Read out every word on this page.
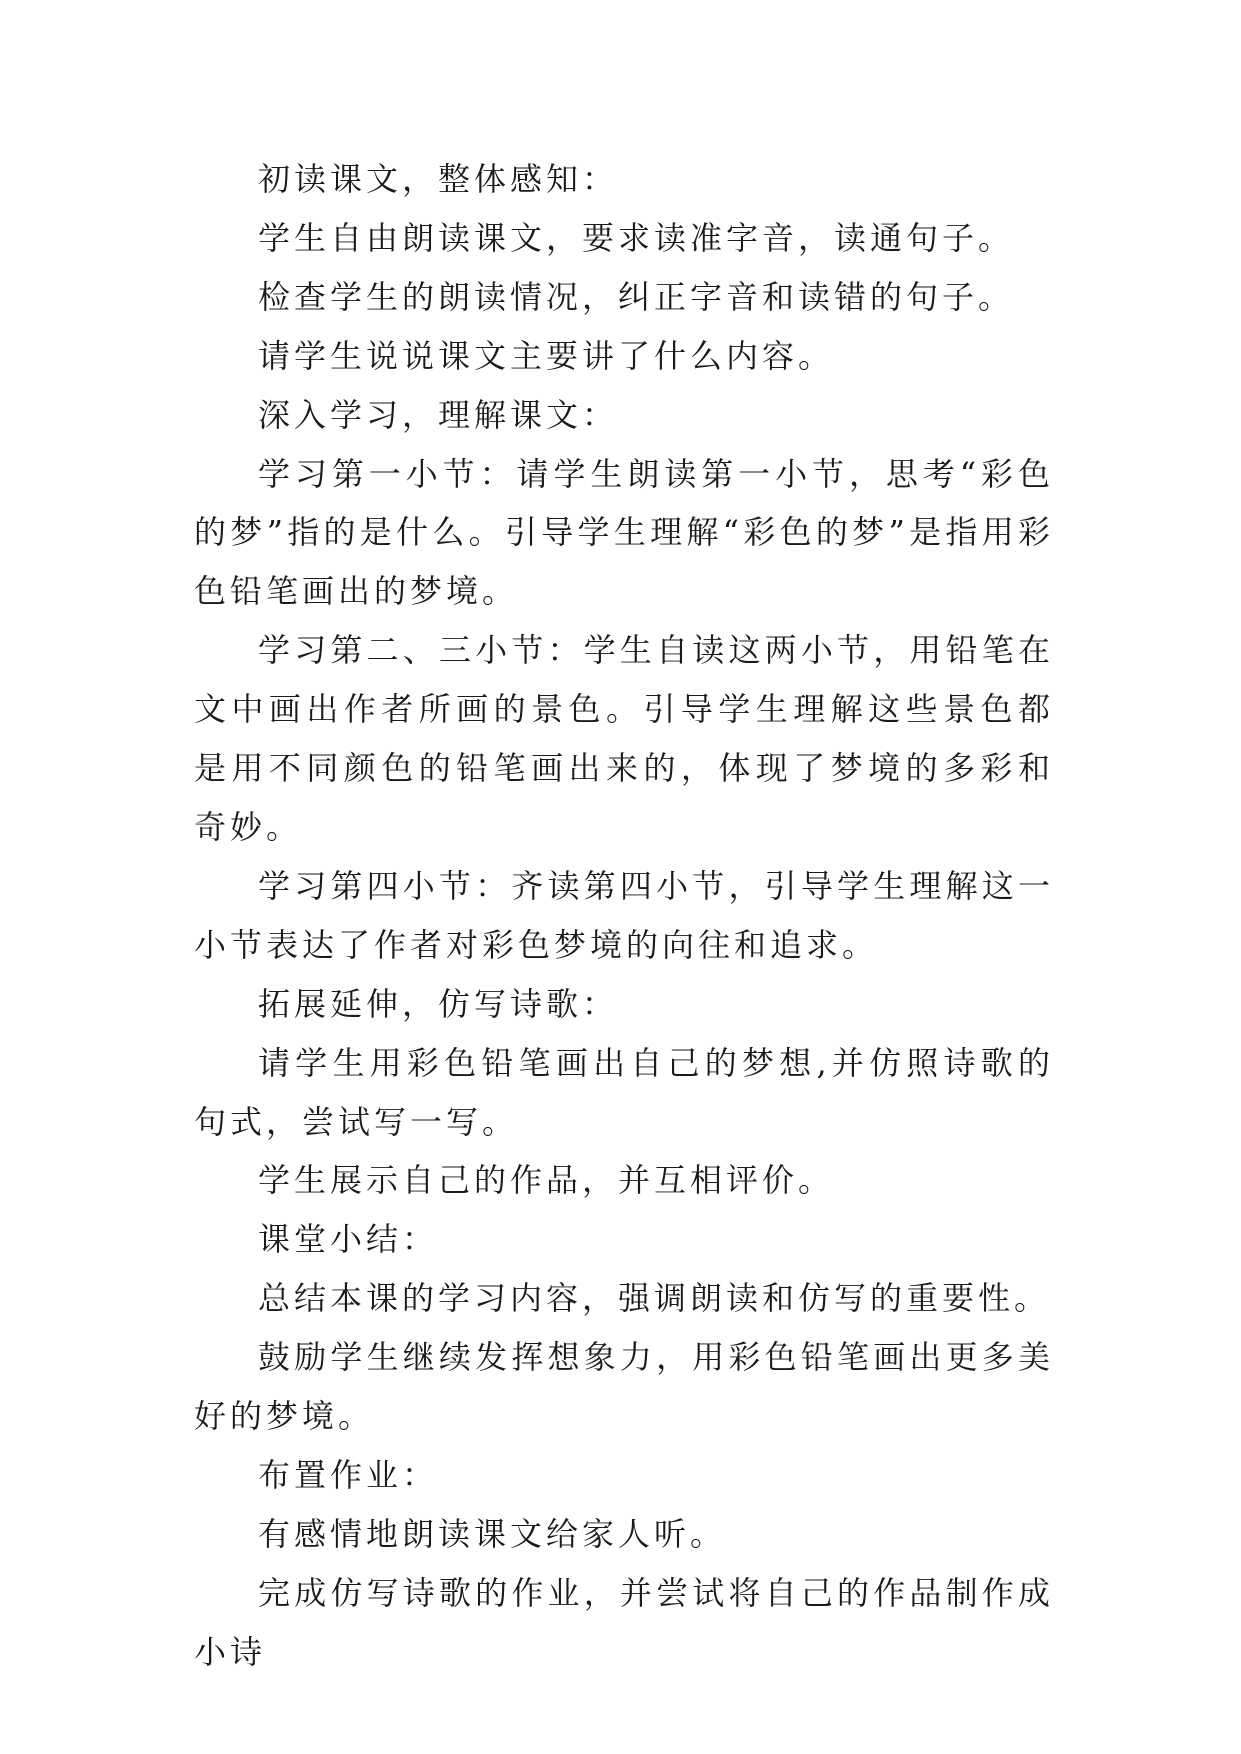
初读课文，整体感知：

学生自由朗读课文，要求读准字音，读通句子。

检查学生的朗读情况，纠正字音和读错的句子。

请学生说说课文主要讲了什么内容。

深入学习，理解课文：

学习第一小节：请学生朗读第一小节，思考“彩色的梦”指的是什么。引导学生理解“彩色的梦”是指用彩色铅笔画出的梦境。

学习第二、三小节：学生自读这两小节，用铅笔在文中画出作者所画的景色。引导学生理解这些景色都是用不同颜色的铅笔画出来的，体现了梦境的多彩和奇妙。

学习第四小节：齐读第四小节，引导学生理解这一小节表达了作者对彩色梦境的向往和追求。

拓展延伸，仿写诗歌：

请学生用彩色铅笔画出自己的梦想,并仿照诗歌的句式，尝试写一写。

学生展示自己的作品，并互相评价。

课堂小结：

总结本课的学习内容，强调朗读和仿写的重要性。

鼓励学生继续发挥想象力，用彩色铅笔画出更多美好的梦境。

布置作业：

有感情地朗读课文给家人听。

完成仿写诗歌的作业，并尝试将自己的作品制作成小诗
